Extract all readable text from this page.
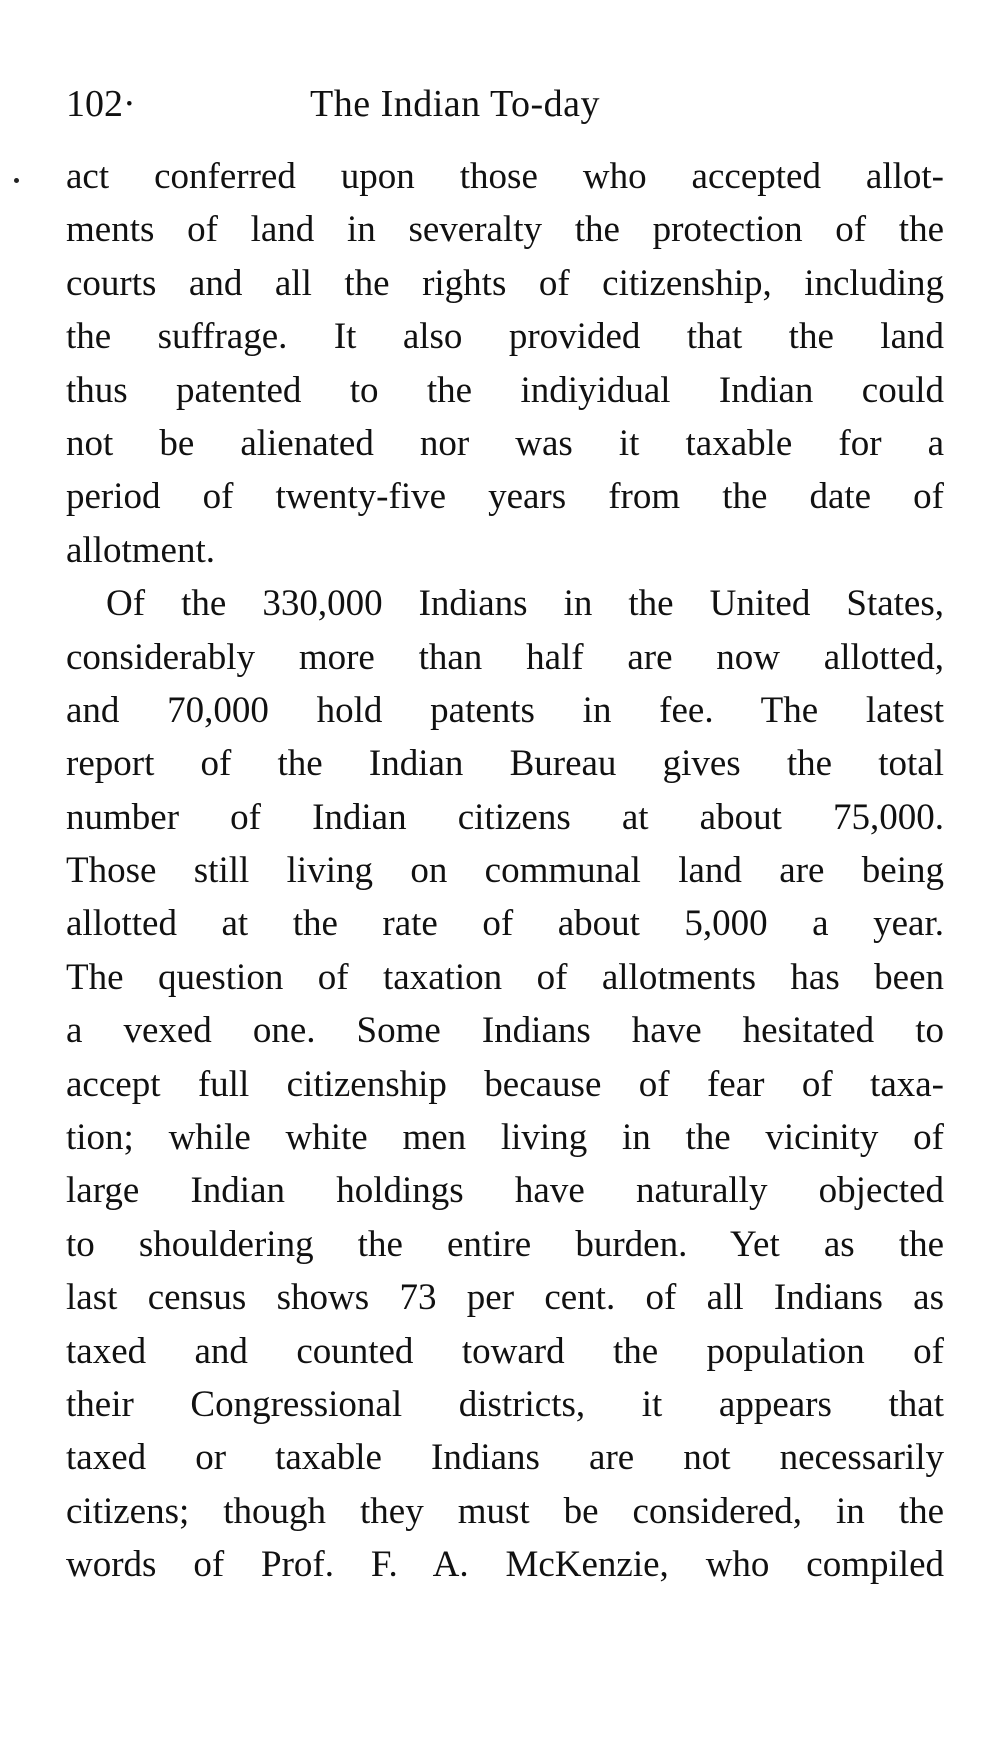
102·	The Indian To-day
act conferred upon those who accepted allot-
ments of land in severalty the protection of the
courts and all the rights of citizenship, including
the suffrage. It also provided that the land
thus patented to the indiyidual Indian could
not be alienated nor was it taxable for a
period of twenty-five years from the date of
allotment.
Of the 330,000 Indians in the United States,
considerably more than half are now allotted,
and 70,000 hold patents in fee. The latest
report of the Indian Bureau gives the total
number of Indian citizens at about 75,000.
Those still living on communal land are being
allotted at the rate of about 5,000 a year.
The question of taxation of allotments has been
a vexed one. Some Indians have hesitated to
accept full citizenship because of fear of taxa-
tion; while white men living in the vicinity of
large Indian holdings have naturally objected
to shouldering the entire burden. Yet as the
last census shows 73 per cent. of all Indians as
taxed and counted toward the population of
their Congressional districts, it appears that
taxed or taxable Indians are not necessarily
citizens; though they must be considered, in the
words of Prof. F. A. McKenzie, who compiled
